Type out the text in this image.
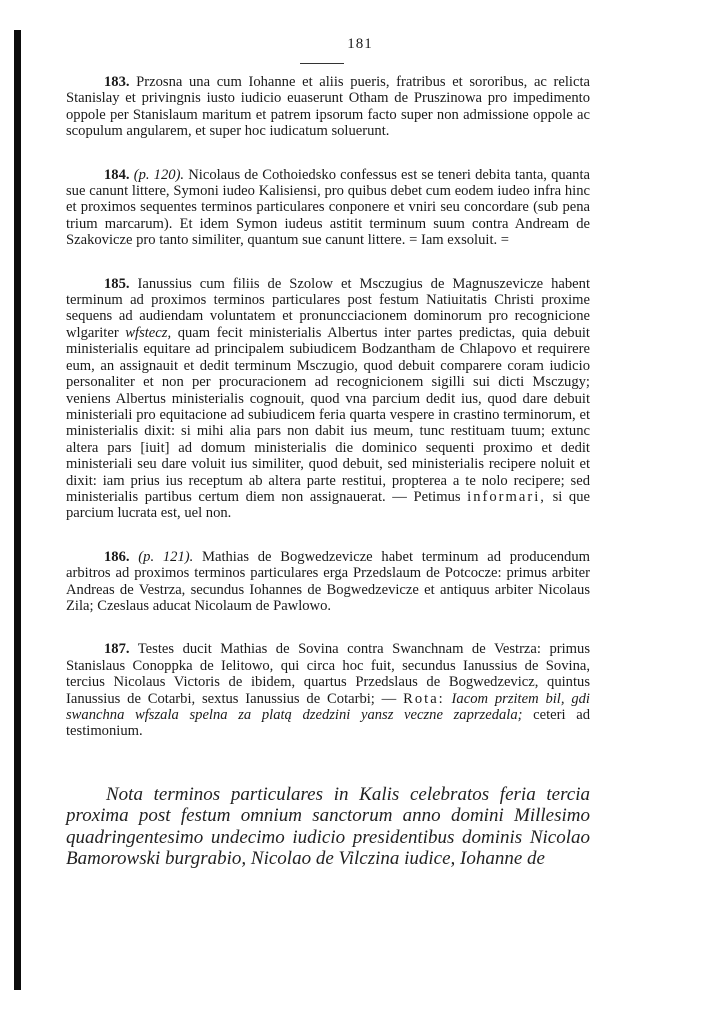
181

183. Przosna una cum Iohanne et aliis pueris, fratribus et sororibus, ac relicta Stanislay et privingnis iusto iudicio euaserunt Otham de Pruszinowa pro impedimento oppole per Stanislaum maritum et patrem ipsorum facto super non admissione oppole ac scopulum angularem, et super hoc iudicatum soluerunt.

184. (p. 120). Nicolaus de Cothoiedsko confessus est se teneri debita tanta, quanta sue canunt littere, Symoni iudeo Kalisiensi, pro quibus debet cum eodem iudeo infra hinc et proximos sequentes terminos particulares conponere et vniri seu concordare (sub pena trium marcarum). Et idem Symon iudeus astitit terminum suum contra Andream de Szakovicze pro tanto similiter, quantum sue canunt littere. = Iam exsoluit. =

185. Ianussius cum filiis de Szolow et Msczugius de Magnuszevicze habent terminum ad proximos terminos particulares post festum Natiuitatis Christi proxime sequens ad audiendam voluntatem et pronuncciacionem dominorum pro recognicione wlgariter wfstecz, quam fecit ministerialis Albertus inter partes predictas, quia debuit ministerialis equitare ad principalem subiudicem Bodzantham de Chlapovo et requirere eum, an assignauit et dedit terminum Msczugio, quod debuit comparere coram iudicio personaliter et non per procuracionem ad recognicionem sigilli sui dicti Msczugy; veniens Albertus ministerialis cognouit, quod vna parcium dedit ius, quod dare debuit ministeriali pro equitacione ad subiudicem feria quarta vespere in crastino terminorum, et ministerialis dixit: si mihi alia pars non dabit ius meum, tunc restituam tuum; extunc altera pars [iuit] ad domum ministerialis die dominico sequenti proximo et dedit ministeriali seu dare voluit ius similiter, quod debuit, sed ministerialis recipere noluit et dixit: iam prius ius receptum ab altera parte restitui, propterea a te nolo recipere; sed ministerialis partibus certum diem non assignauerat. — Petimus informari, si que parcium lucrata est, uel non.

186. (p. 121). Mathias de Bogwedzevicze habet terminum ad producendum arbitros ad proximos terminos particulares erga Przedslaum de Potcocze: primus arbiter Andreas de Vestrza, secundus Iohannes de Bogwedzevicze et antiquus arbiter Nicolaus Zila; Czeslaus aducat Nicolaum de Pawlowo.

187. Testes ducit Mathias de Sovina contra Swanchnam de Vestrza: primus Stanislaus Conoppka de Ielitowo, qui circa hoc fuit, secundus Ianussius de Sovina, tercius Nicolaus Victoris de ibidem, quartus Przedslaus de Bogwedzevicz, quintus Ianussius de Cotarbi, sextus Ianussius de Cotarbi; — Rota: Iacom przitem bil, gdi swanchna wfszala spelna za platą dzedzini yansz veczne zaprzedala; ceteri ad testimonium.

Nota terminos particulares in Kalis celebratos feria tercia proxima post festum omnium sanctorum anno domini Millesimo quadringentesimo undecimo iudicio presidentibus dominis Nicolao Bamorowski burgrabio, Nicolao de Vilczina iudice, Iohanne de
